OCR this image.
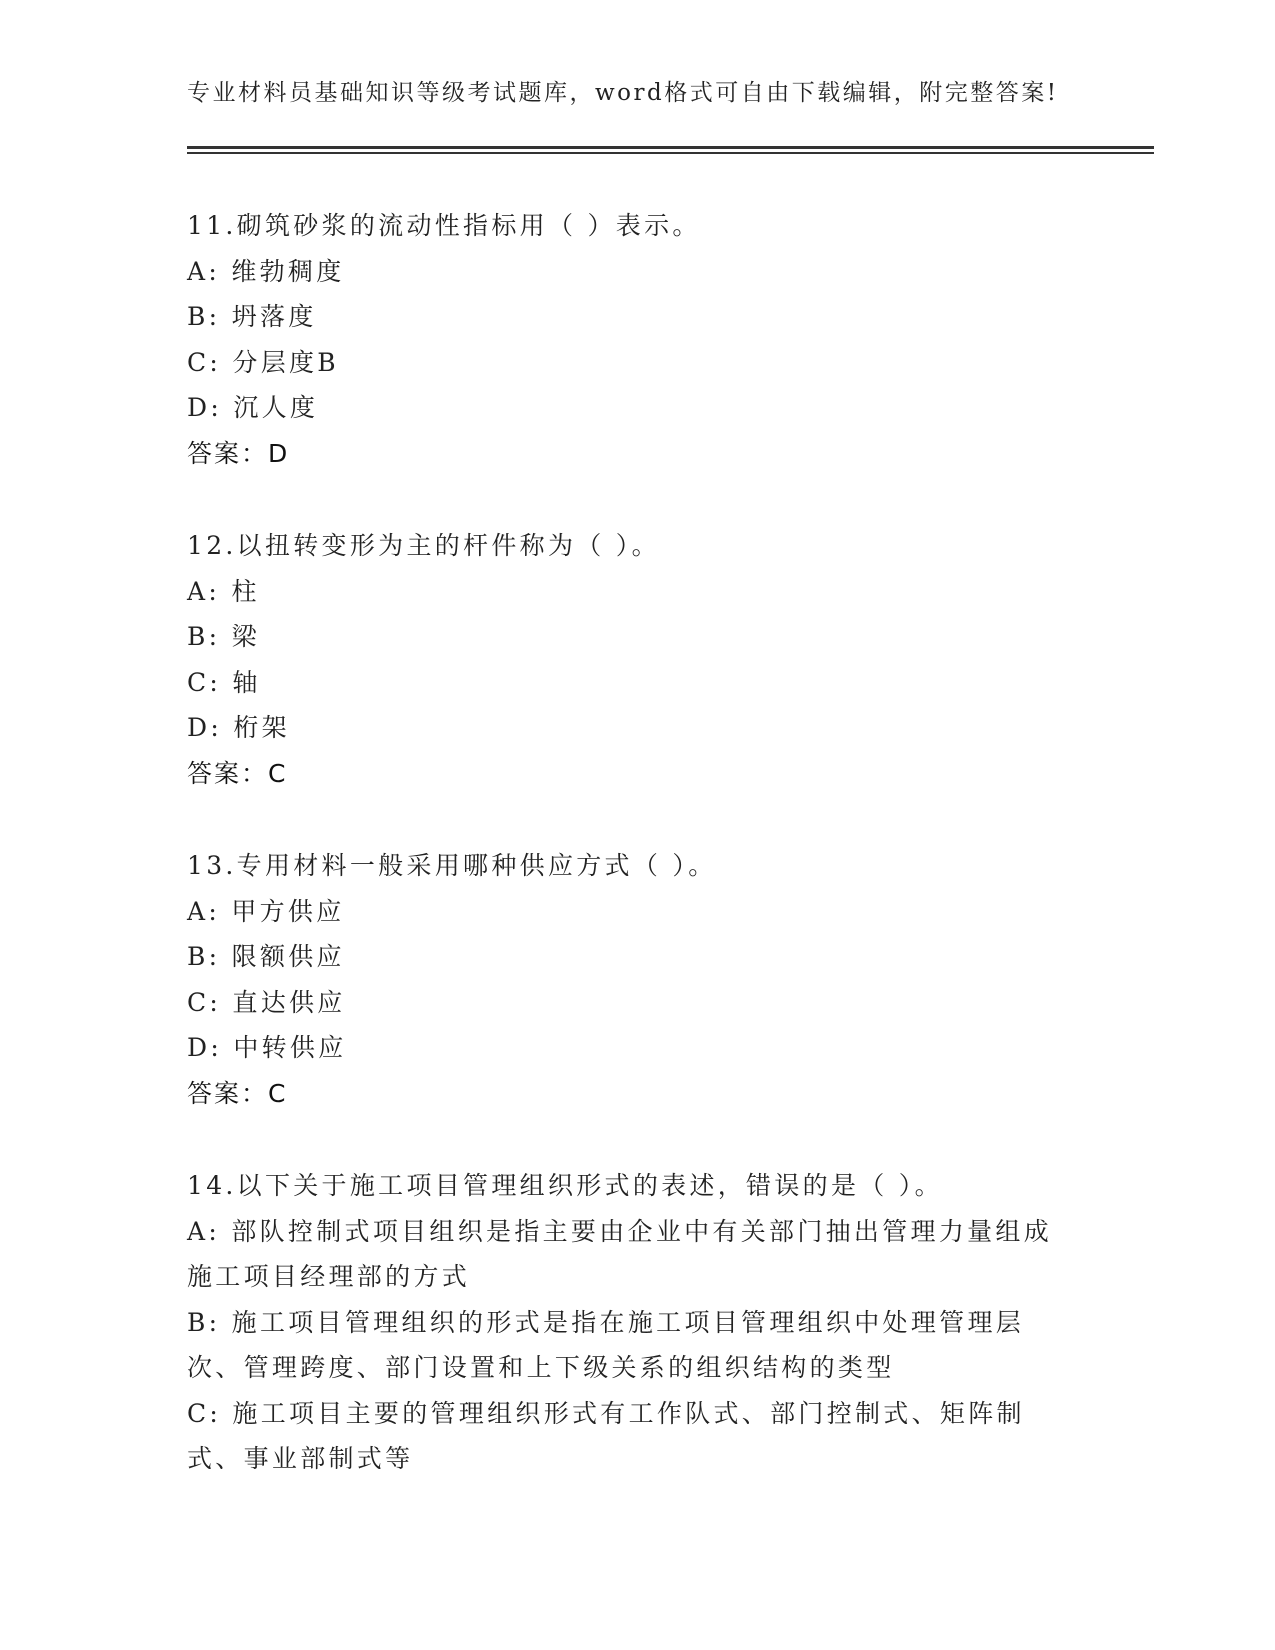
专业材料员基础知识等级考试题库，word格式可自由下载编辑，附完整答案!
11.砌筑砂浆的流动性指标用（ ）表示。
A: 维勃稠度
B: 坍落度
C: 分层度B
D: 沉人度
答案：D
12.以扭转变形为主的杆件称为（ ）。
A: 柱
B: 梁
C: 轴
D: 桁架
答案：C
13.专用材料一般采用哪种供应方式（ ）。
A: 甲方供应
B: 限额供应
C: 直达供应
D: 中转供应
答案：C
14.以下关于施工项目管理组织形式的表述，错误的是（ ）。
A: 部队控制式项目组织是指主要由企业中有关部门抽出管理力量组成施工项目经理部的方式
B: 施工项目管理组织的形式是指在施工项目管理组织中处理管理层次、管理跨度、部门设置和上下级关系的组织结构的类型
C: 施工项目主要的管理组织形式有工作队式、部门控制式、矩阵制式、事业部制式等
